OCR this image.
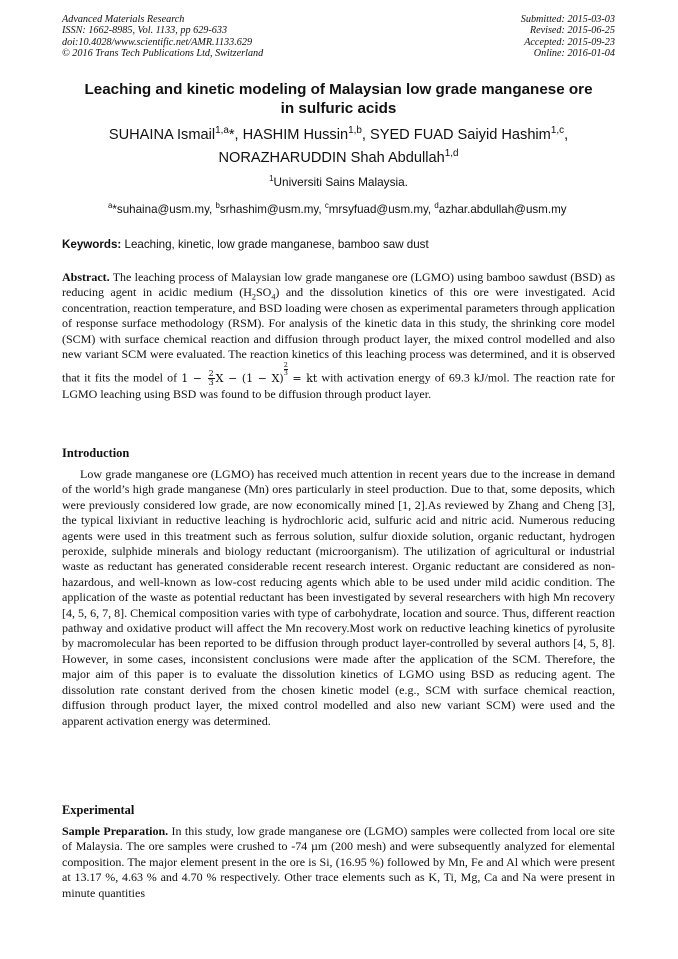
Advanced Materials Research
ISSN: 1662-8985, Vol. 1133, pp 629-633
doi:10.4028/www.scientific.net/AMR.1133.629
© 2016 Trans Tech Publications Ltd, Switzerland
Submitted: 2015-03-03
Revised: 2015-06-25
Accepted: 2015-09-23
Online: 2016-01-04
Leaching and kinetic modeling of Malaysian low grade manganese ore
in sulfuric acids
SUHAINA Ismail$^{1,a}$*, HASHIM Hussin$^{1,b}$, SYED FUAD Saiyid Hashim$^{1,c}$,
NORAZHARUDDIN Shah Abdullah$^{1,d}$
$^1$Universiti Sains Malaysia.
$^a$*suhaina@usm.my, $^b$srhashim@usm.my, $^c$mrsyfuad@usm.my, $^d$azhar.abdullah@usm.my
Keywords: Leaching, kinetic, low grade manganese, bamboo saw dust
Abstract. The leaching process of Malaysian low grade manganese ore (LGMO) using bamboo sawdust (BSD) as reducing agent in acidic medium $(H_2SO_4)$ and the dissolution kinetics of this ore were investigated. Acid concentration, reaction temperature, and BSD loading were chosen as experimental parameters through application of response surface methodology (RSM). For analysis of the kinetic data in this study, the shrinking core model (SCM) with surface chemical reaction and diffusion through product layer, the mixed control modelled and also new variant SCM were evaluated. The reaction kinetics of this leaching process was determined, and it is observed that it fits the model of $1 - \frac{2}{3}$ X − (1 − X)
$\frac{2}{3}$
= kt with activation energy of 69.3 kJ/mol. The reaction rate for LGMO leaching using BSD was found to be diffusion through product layer.
Introduction
Low grade manganese ore (LGMO) has received much attention in recent years due to the increase in demand of the world’s high grade manganese (Mn) ores particularly in steel production. Due to that, some deposits, which were previously considered low grade, are now economically mined [1, 2].As reviewed by Zhang and Cheng [3], the typical lixiviant in reductive leaching is hydrochloric acid, sulfuric acid and nitric acid. Numerous reducing agents were used in this treatment such as ferrous solution, sulfur dioxide solution, organic reductant, hydrogen peroxide, sulphide minerals and biology reductant (microorganism). The utilization of agricultural or industrial waste as reductant has generated considerable recent research interest. Organic reductant are considered as non-hazardous, and well-known as low-cost reducing agents which able to be used under mild acidic condition. The application of the waste as potential reductant has been investigated by several researchers with high Mn recovery [4, 5, 6, 7, 8]. Chemical composition varies with type of carbohydrate, location and source. Thus, different reaction pathway and oxidative product will affect the Mn recovery.Most work on reductive leaching kinetics of pyrolusite by macromolecular has been reported to be diffusion through product layer-controlled by several authors [4, 5, 8]. However, in some cases, inconsistent conclusions were made after the application of the SCM. Therefore, the major aim of this paper is to evaluate the dissolution kinetics of LGMO using BSD as reducing agent. The dissolution rate constant derived from the chosen kinetic model (e.g., SCM with surface chemical reaction, diffusion through product layer, the mixed control modelled and also new variant SCM) were used and the apparent activation energy was determined.
Experimental
Sample Preparation. In this study, low grade manganese ore (LGMO) samples were collected from local ore site of Malaysia. The ore samples were crushed to -74 µm (200 mesh) and were subsequently analyzed for elemental composition. The major element present in the ore is Si, (16.95 %) followed by Mn, Fe and Al which were present at 13.17 %, 4.63 % and 4.70 % respectively. Other trace elements such as K, Ti, Mg, Ca and Na were present in minute quantities
